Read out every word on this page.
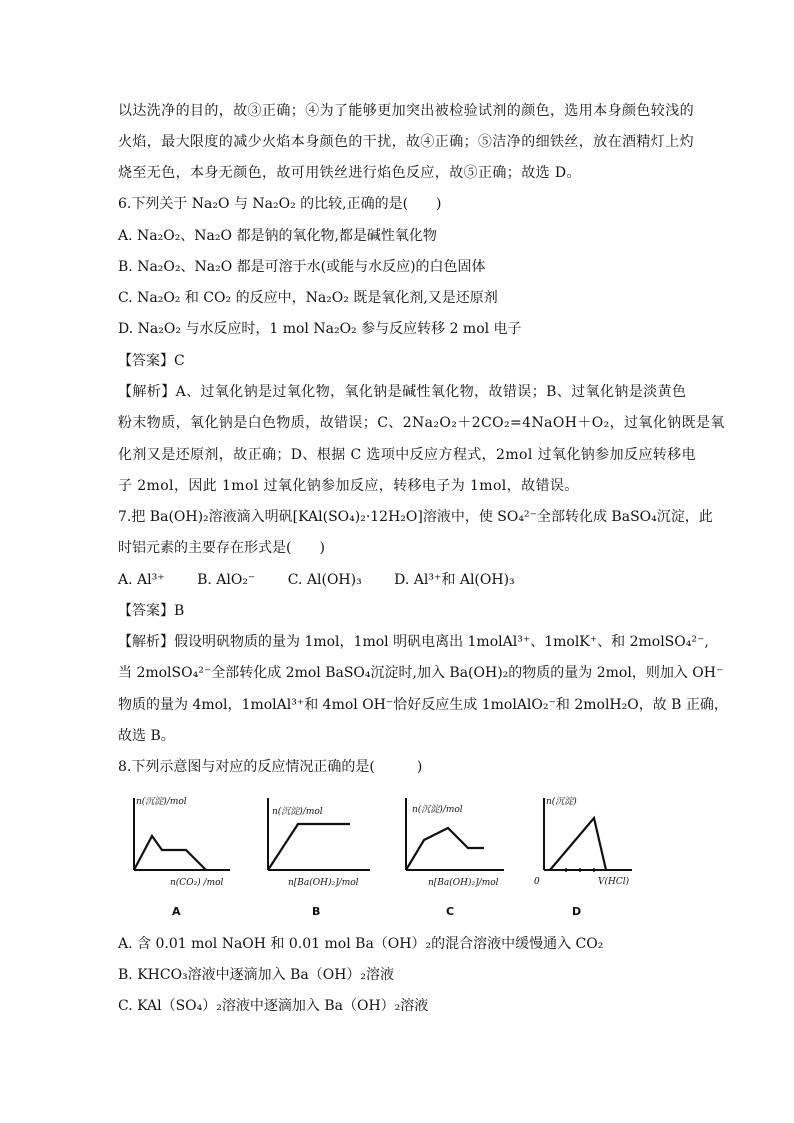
以达洗净的目的，故③正确；④为了能够更加突出被检验试剂的颜色，选用本身颜色较浅的
火焰，最大限度的减少火焰本身颜色的干扰，故④正确；⑤洁净的细铁丝，放在酒精灯上灼
烧至无色，本身无颜色，故可用铁丝进行焰色反应，故⑤正确；故选 D。
6.下列关于 Na₂O 与 Na₂O₂ 的比较,正确的是(　　)
A. Na₂O₂、Na₂O 都是钠的氧化物,都是碱性氧化物
B. Na₂O₂、Na₂O 都是可溶于水(或能与水反应)的白色固体
C. Na₂O₂ 和 CO₂ 的反应中，Na₂O₂ 既是氧化剂,又是还原剂
D. Na₂O₂ 与水反应时，1 mol Na₂O₂ 参与反应转移 2 mol 电子
【答案】C
【解析】A、过氧化钠是过氧化物，氧化钠是碱性氧化物，故错误；B、过氧化钠是淡黄色
粉末物质，氧化钠是白色物质，故错误；C、2Na₂O₂＋2CO₂=4NaOH＋O₂，过氧化钠既是氧
化剂又是还原剂，故正确；D、根据 C 选项中反应方程式，2mol 过氧化钠参加反应转移电
子 2mol，因此 1mol 过氧化钠参加反应，转移电子为 1mol，故错误。
7.把 Ba(OH)₂溶液滴入明矾[KAl(SO₄)₂·12H₂O]溶液中，使 SO₄²⁻全部转化成 BaSO₄沉淀，此
时铝元素的主要存在形式是(　　)
A. Al³⁺ B. AlO₂⁻ C. Al(OH)₃ D. Al³⁺和 Al(OH)₃
【答案】B
【解析】假设明矾物质的量为 1mol，1mol 明矾电离出 1molAl³⁺、1molK⁺、和 2molSO₄²⁻,
当 2molSO₄²⁻全部转化成 2mol BaSO₄沉淀时,加入 Ba(OH)₂的物质的量为 2mol，则加入 OH⁻
物质的量为 4mol，1molAl³⁺和 4mol OH⁻恰好反应生成 1molAlO₂⁻和 2molH₂O，故 B 正确，
故选 B。
8.下列示意图与对应的反应情况正确的是(　　　)
n(沉淀)/mol
n(CO₂) /mol
A
n(沉淀)/mol
n[Ba(OH)₂]/mol
B
n(沉淀)/mol
n[Ba(OH)₂]/mol
C
n(沉淀)
0	V(HCl)
D
A. 含 0.01 mol NaOH 和 0.01 mol Ba（OH）₂的混合溶液中缓慢通入 CO₂
B. KHCO₃溶液中逐滴加入 Ba（OH）₂溶液
C. KAl（SO₄）₂溶液中逐滴加入 Ba（OH）₂溶液
